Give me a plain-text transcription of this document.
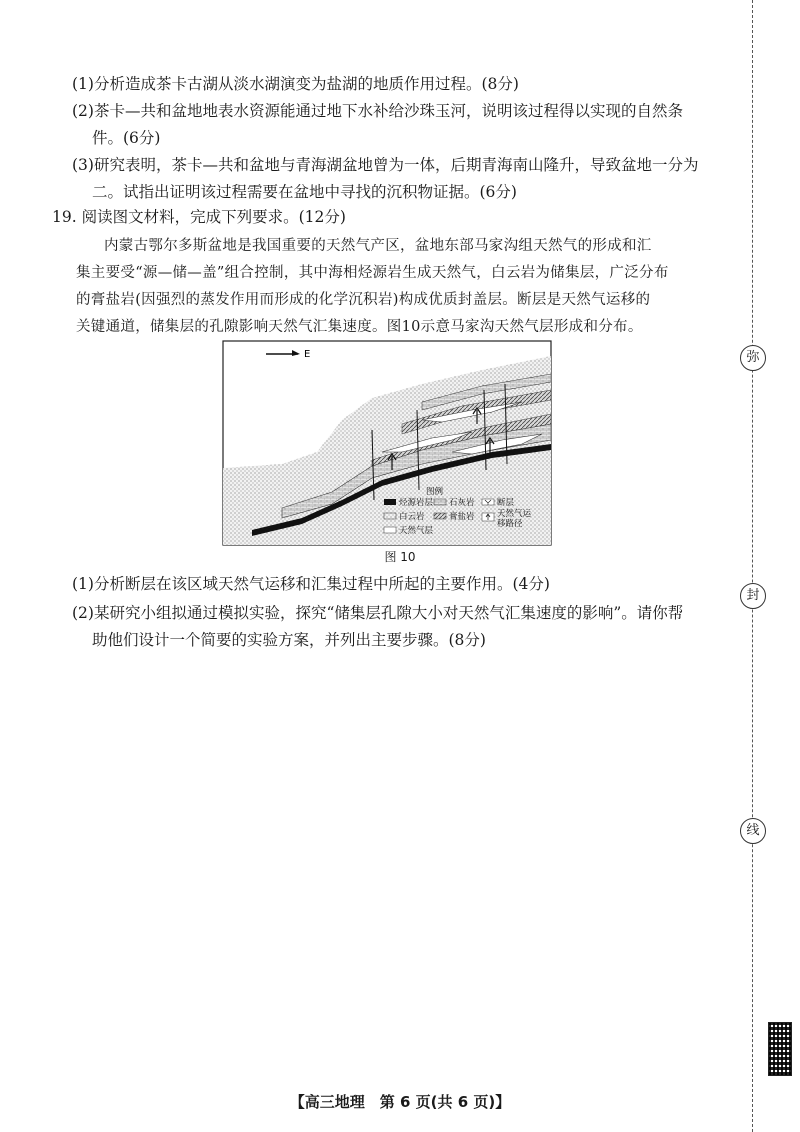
(1)分析造成茶卡古湖从淡水湖演变为盐湖的地质作用过程。(8分)
(2)茶卡—共和盆地地表水资源能通过地下水补给沙珠玉河，说明该过程得以实现的自然条
件。(6分)
(3)研究表明，茶卡—共和盆地与青海湖盆地曾为一体，后期青海南山隆升，导致盆地一分为
二。试指出证明该过程需要在盆地中寻找的沉积物证据。(6分)
19. 阅读图文材料，完成下列要求。(12分)
内蒙古鄂尔多斯盆地是我国重要的天然气产区，盆地东部马家沟组天然气的形成和汇
集主要受“源—储—盖”组合控制，其中海相烃源岩生成天然气，白云岩为储集层，广泛分布
的膏盐岩(因强烈的蒸发作用而形成的化学沉积岩)构成优质封盖层。断层是天然气运移的
关键通道，储集层的孔隙影响天然气汇集速度。图10示意马家沟天然气层形成和分布。
E
图例
烃源岩层 石灰岩	断层
白云岩	膏盐岩	天然气运
移路径
天然气层
图 10
(1)分析断层在该区域天然气运移和汇集过程中所起的主要作用。(4分)
(2)某研究小组拟通过模拟实验，探究“储集层孔隙大小对天然气汇集速度的影响”。请你帮
助他们设计一个简要的实验方案，并列出主要步骤。(8分)
弥
封
线
【高三地理　第 6 页(共 6 页)】
